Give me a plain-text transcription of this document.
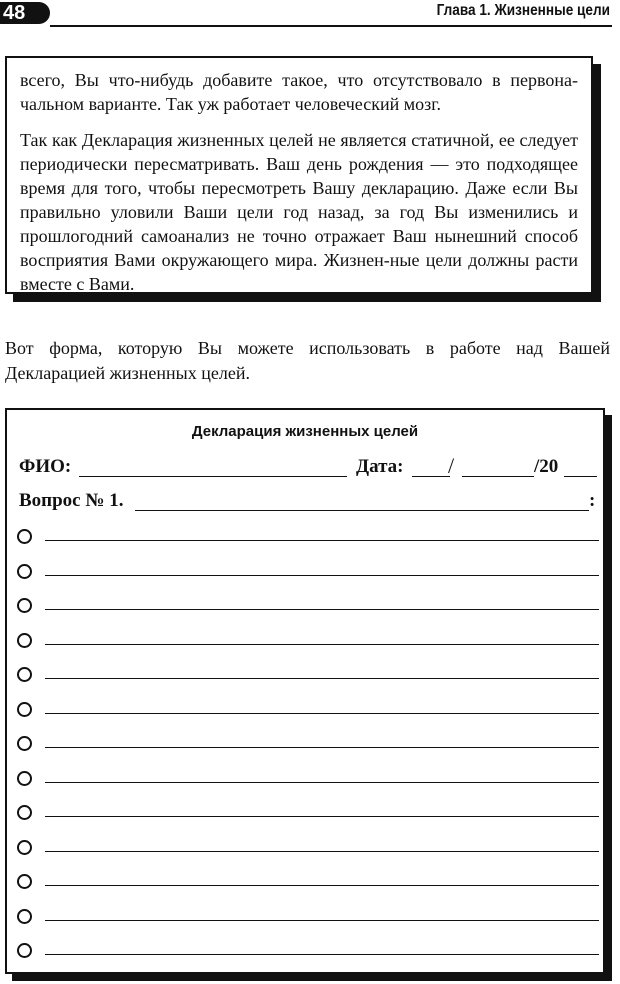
48	Глава 1. Жизненные цели

всего, Вы что-нибудь добавите такое, что отсутствовало в первона-чальном варианте. Так уж работает человеческий мозг.

Так как Декларация жизненных целей не является статичной, ее следует периодически пересматривать. Ваш день рождения — это подходящее время для того, чтобы пересмотреть Вашу декларацию. Даже если Вы правильно уловили Ваши цели год назад, за год Вы изменились и прошлогодний самоанализ не точно отражает Ваш нынешний способ восприятия Вами окружающего мира. Жизнен-ные цели должны расти вместе с Вами.

Вот форма, которую Вы можете использовать в работе над Вашей Декларацией жизненных целей.

Декларация жизненных целей
ФИО:	Дата: /	/20
Вопрос № 1.	:
